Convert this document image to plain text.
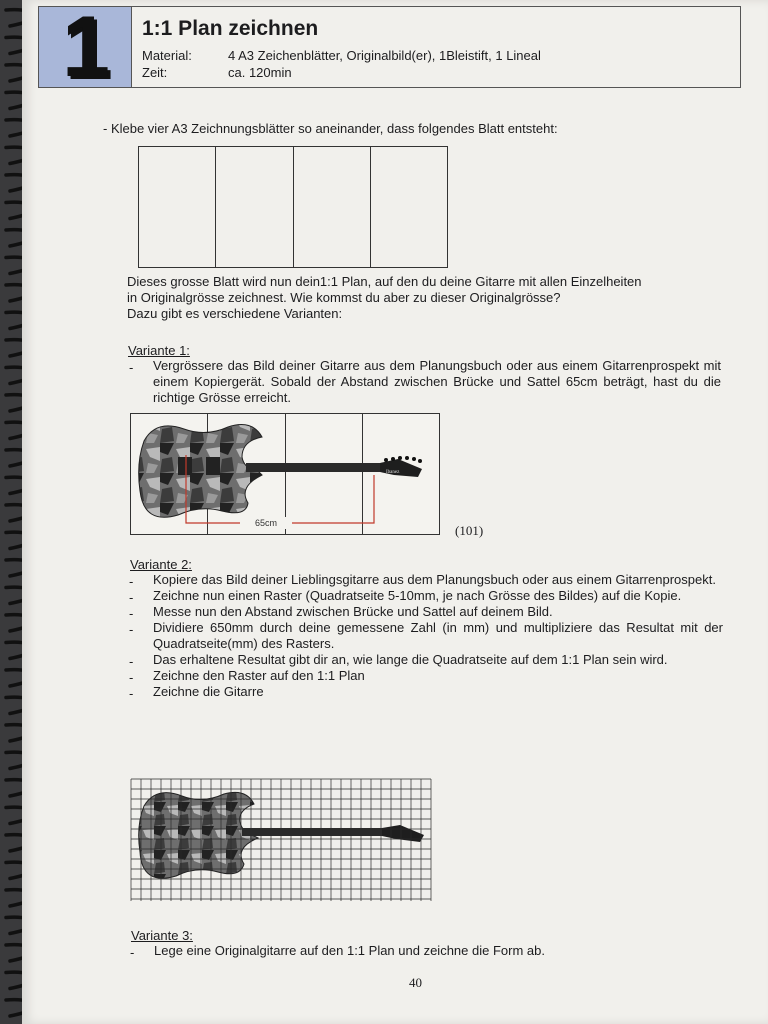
1 1:1 Plan zeichnen
Material:	4 A3 Zeichenblätter, Originalbild(er), 1Bleistift, 1 Lineal
Zeit:	ca. 120min
- Klebe vier A3 Zeichnungsblätter so aneinander, dass folgendes Blatt entsteht:
Dieses grosse Blatt wird nun dein1:1 Plan, auf den du deine Gitarre mit allen Einzelheiten
in Originalgrösse zeichnest. Wie kommst du aber zu dieser Originalgrösse?
Dazu gibt es verschiedene Varianten:
Variante 1:
- Vergrössere das Bild deiner Gitarre aus dem Planungsbuch oder aus einem Gitarrenprospekt mit einem Kopiergerät. Sobald der Abstand zwischen Brücke und Sattel 65cm beträgt, hast du die richtige Grösse erreicht.
Ibanez
65cm	(101)
Variante 2:
- Kopiere das Bild deiner Lieblingsgitarre aus dem Planungsbuch oder aus einem Gitarrenprospekt.
- Zeichne nun einen Raster (Quadratseite 5-10mm, je nach Grösse des Bildes) auf die Kopie.
- Messe nun den Abstand zwischen Brücke und Sattel auf deinem Bild.
- Dividiere 650mm durch deine gemessene Zahl (in mm) und multipliziere das Resultat mit der Quadratseite(mm) des Rasters.
- Das erhaltene Resultat gibt dir an, wie lange die Quadratseite auf dem 1:1 Plan sein wird.
- Zeichne den Raster auf den 1:1 Plan
- Zeichne die Gitarre
Variante 3:
- Lege eine Originalgitarre auf den 1:1 Plan und zeichne die Form ab.
40
